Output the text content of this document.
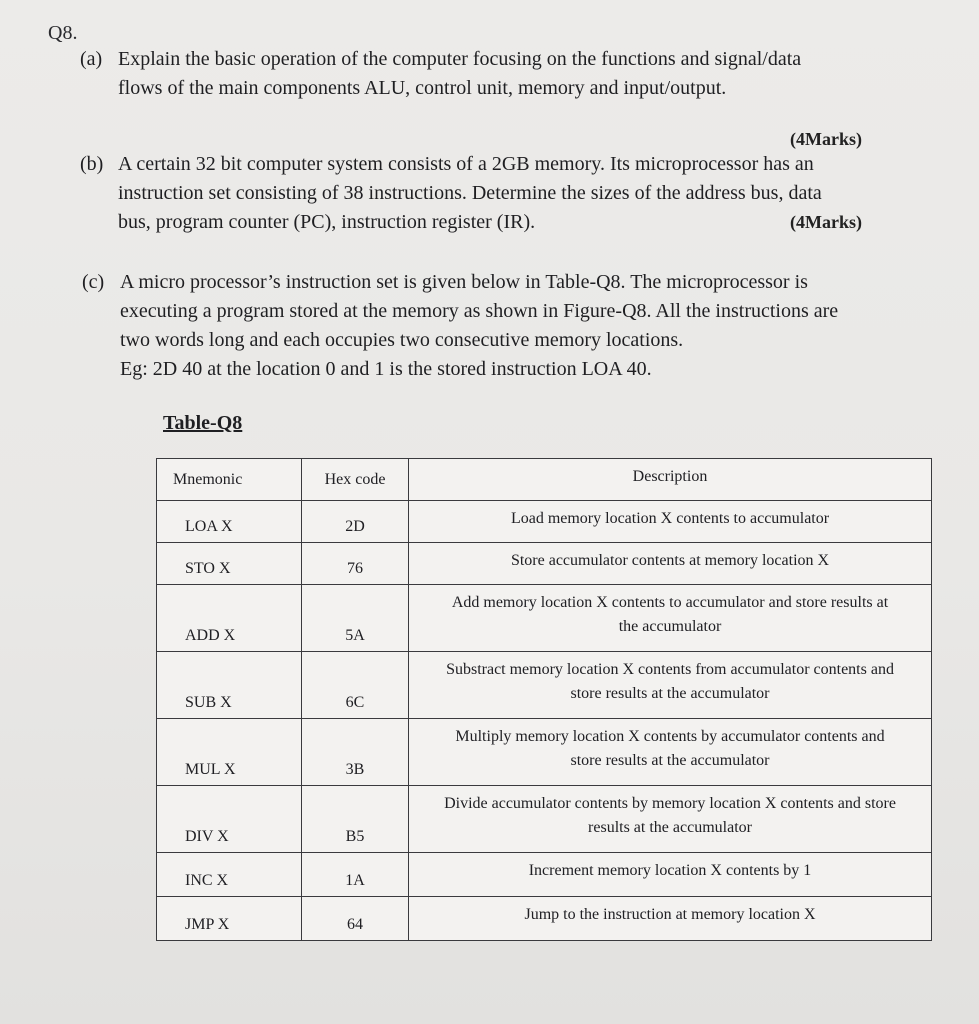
Q8.
(a) Explain the basic operation of the computer focusing on the functions and signal/data
flows of the main components ALU, control unit, memory and input/output.
(4Marks)
(b) A certain 32 bit computer system consists of a 2GB memory. Its microprocessor has an
instruction set consisting of 38 instructions. Determine the sizes of the address bus, data
bus, program counter (PC), instruction register (IR).	(4Marks)
(c) A micro processor’s instruction set is given below in Table-Q8. The microprocessor is
executing a program stored at the memory as shown in Figure-Q8. All the instructions are
two words long and each occupies two consecutive memory locations.
Eg: 2D 40 at the location 0 and 1 is the stored instruction LOA 40.
Table-Q8
Mnemonic	Hex code	Description
LOA X	2D	Load memory location X contents to accumulator
STO X	76	Store accumulator contents at memory location X
ADD X	5A	Add memory location X contents to accumulator and store results at
the accumulator
SUB X	6C	Substract memory location X contents from accumulator contents and
store results at the accumulator
MUL X	3B	Multiply memory location X contents by accumulator contents and
store results at the accumulator
DIV X	B5	Divide accumulator contents by memory location X contents and store
results at the accumulator
INC X	1A	Increment memory location X contents by 1
JMP X	64	Jump to the instruction at memory location X
